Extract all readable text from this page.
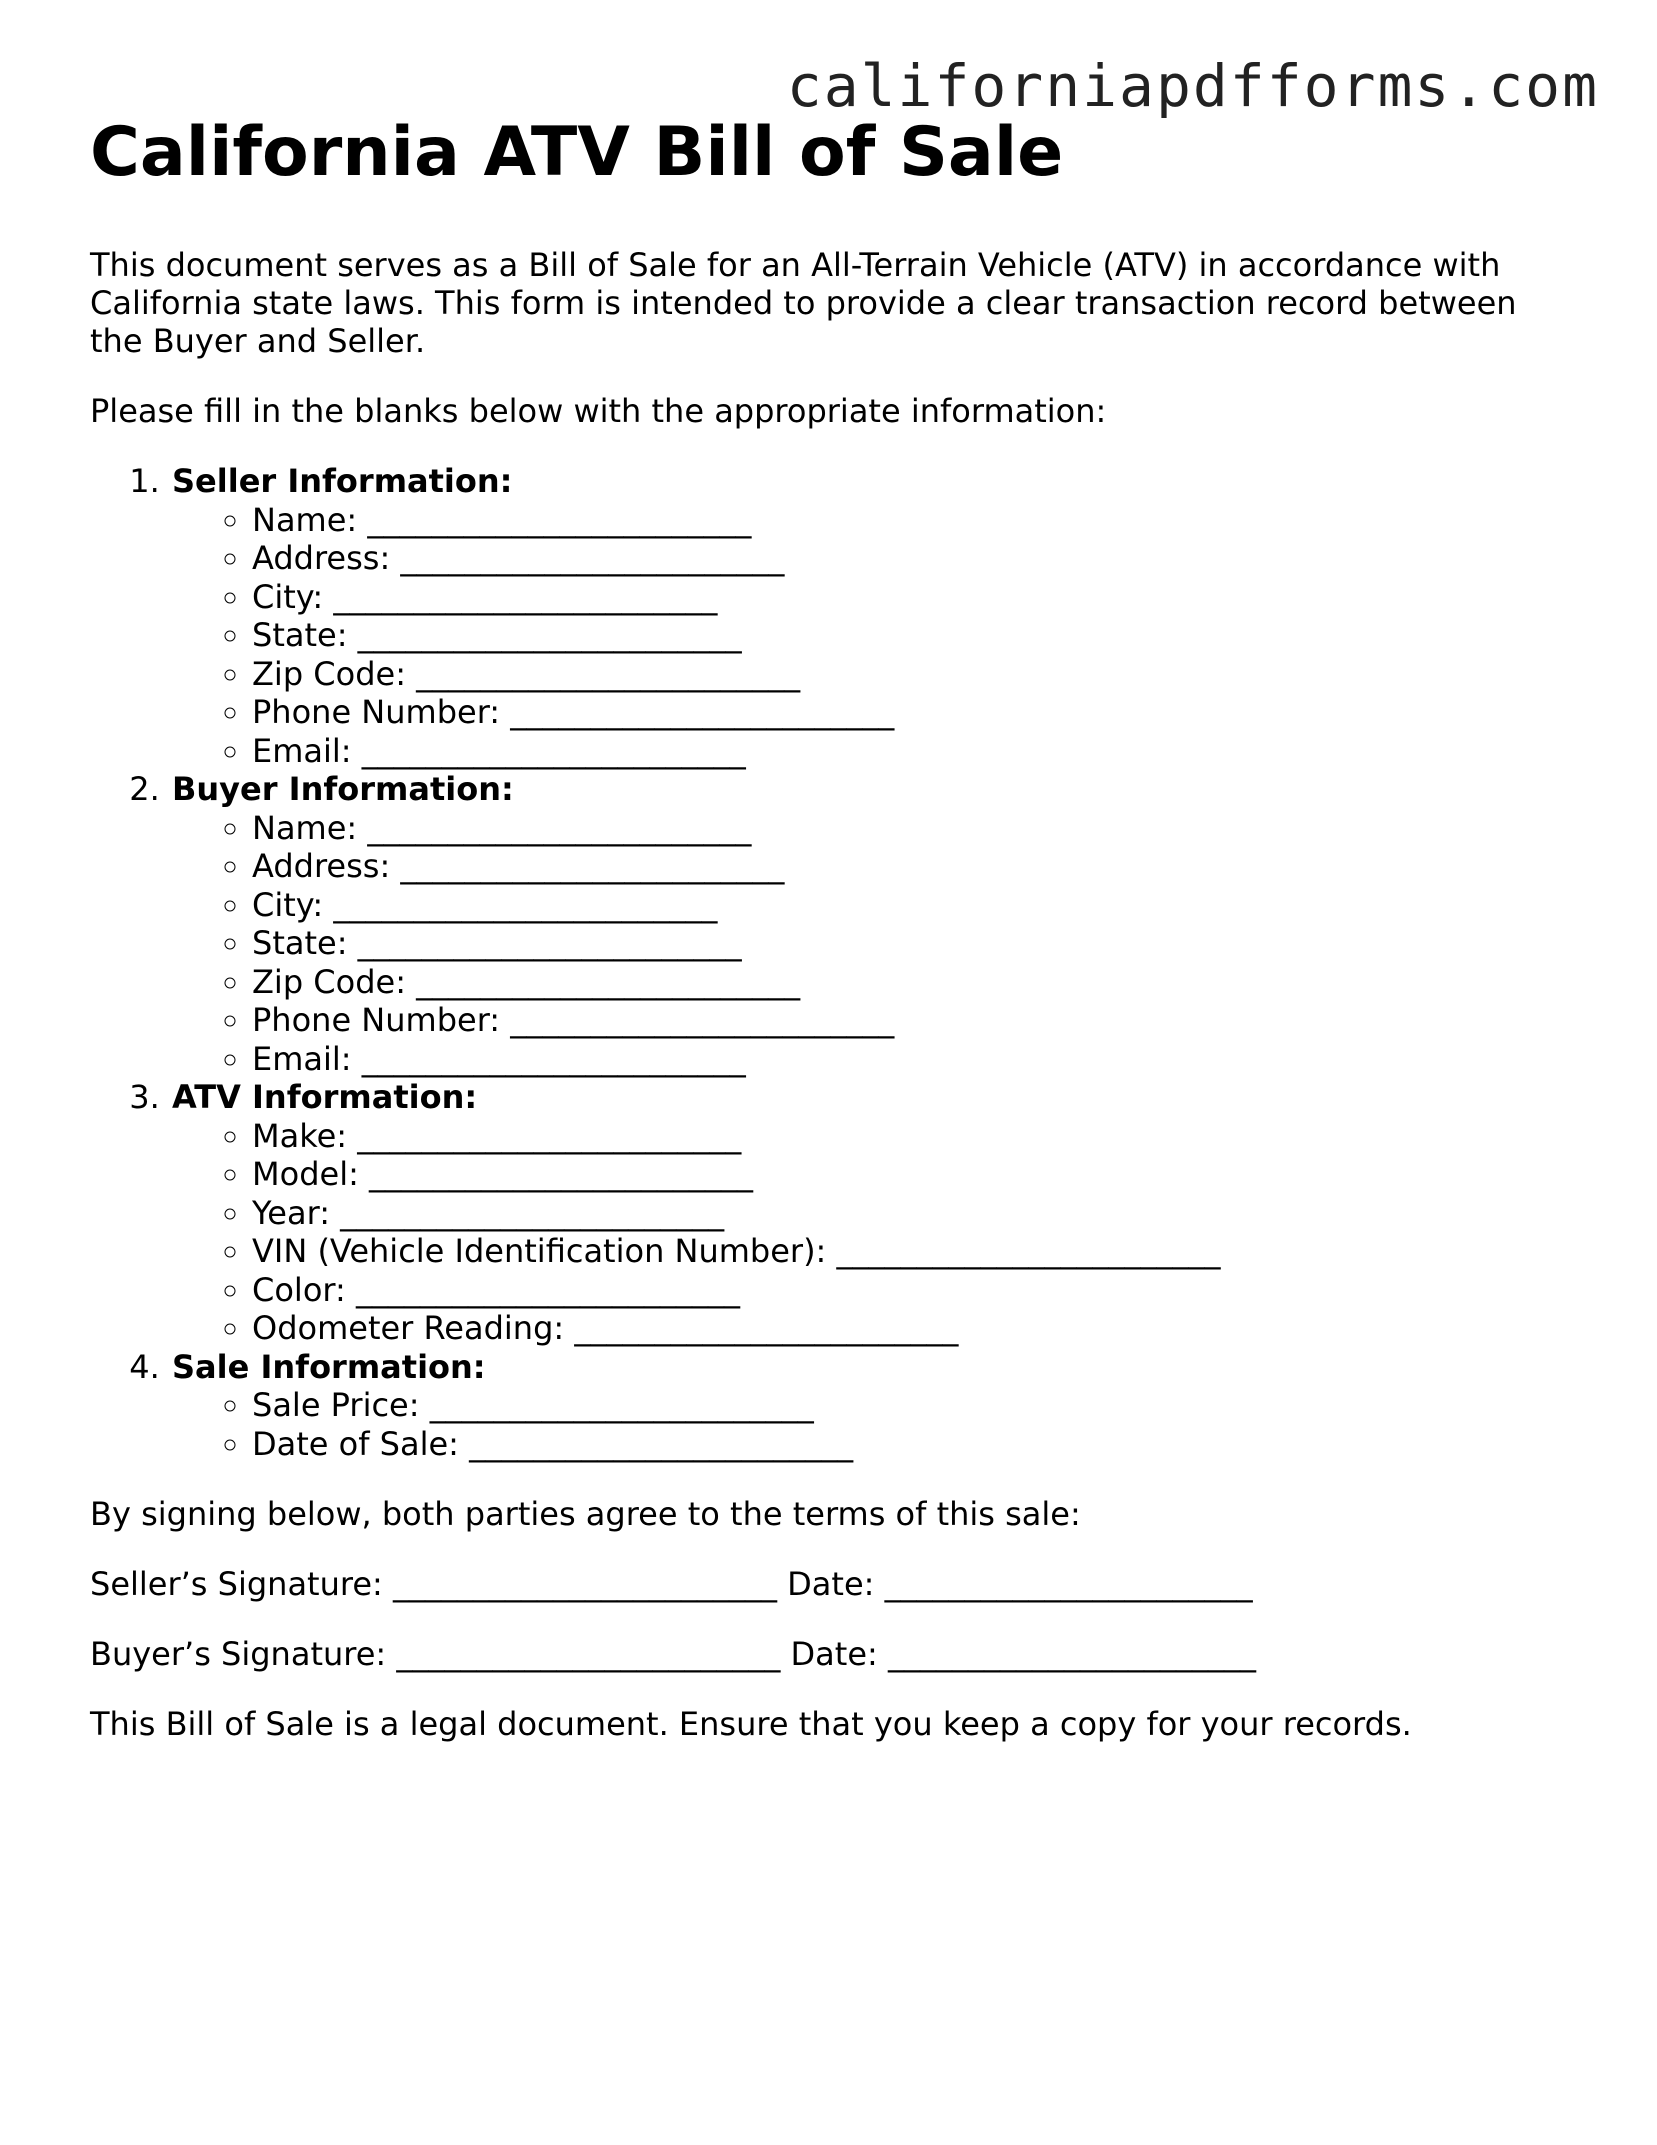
californiapdfforms.com
California ATV Bill of Sale

This document serves as a Bill of Sale for an All-Terrain Vehicle (ATV) in accordance with California state laws. This form is intended to provide a clear transaction record between the Buyer and Seller.

Please fill in the blanks below with the appropriate information:

1. Seller Information:
◦ Name: ________________________
◦ Address: ________________________
◦ City: ________________________
◦ State: ________________________
◦ Zip Code: ________________________
◦ Phone Number: ________________________
◦ Email: ________________________
2. Buyer Information:
◦ Name: ________________________
◦ Address: ________________________
◦ City: ________________________
◦ State: ________________________
◦ Zip Code: ________________________
◦ Phone Number: ________________________
◦ Email: ________________________
3. ATV Information:
◦ Make: ________________________
◦ Model: ________________________
◦ Year: ________________________
◦ VIN (Vehicle Identification Number): ________________________
◦ Color: ________________________
◦ Odometer Reading: ________________________
4. Sale Information:
◦ Sale Price: ________________________
◦ Date of Sale: ________________________

By signing below, both parties agree to the terms of this sale:

Seller’s Signature: ________________________ Date: _______________________

Buyer’s Signature: ________________________ Date: _______________________

This Bill of Sale is a legal document. Ensure that you keep a copy for your records.
